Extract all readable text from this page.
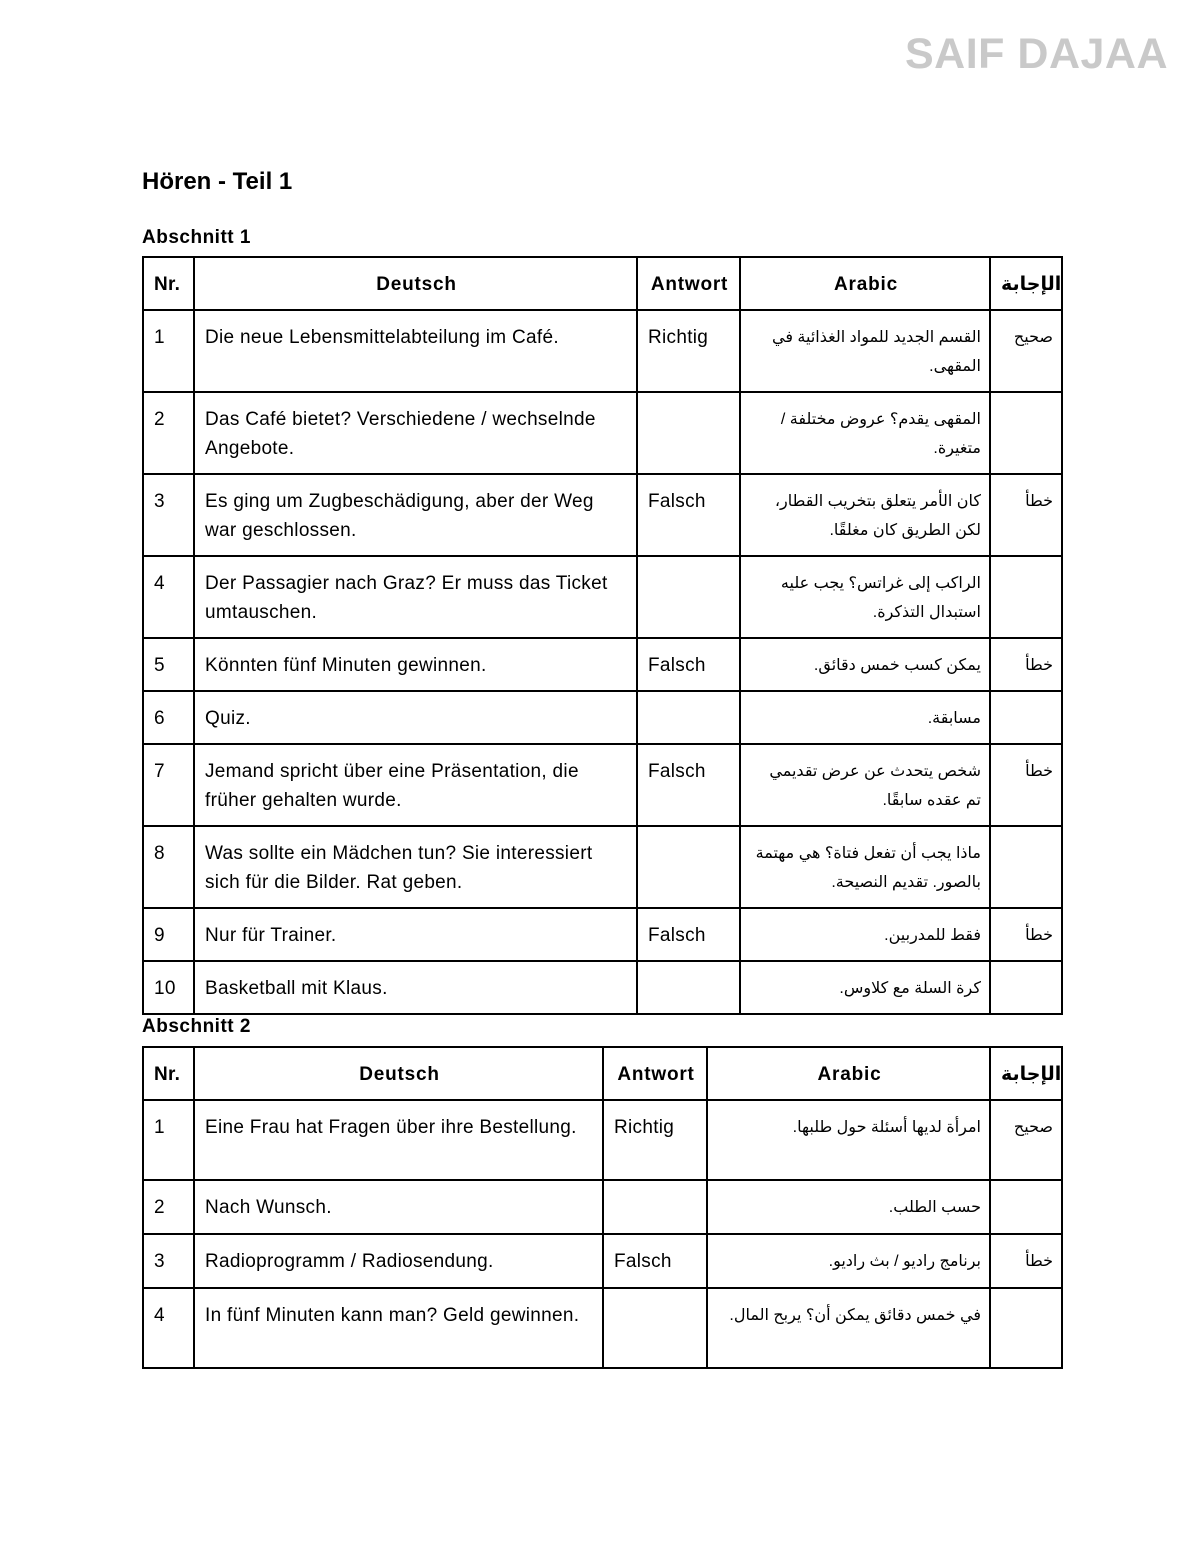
SAIF DAJAA
Hören - Teil 1
Abschnitt 1
Nr.	Deutsch	Antwort	Arabic	الإجابة
1	Die neue Lebensmittelabteilung im Café.	Richtig	القسم الجديد للمواد الغذائية في المقهى.	صحيح
2	Das Café bietet? Verschiedene / wechselnde Angebote.		المقهى يقدم؟ عروض مختلفة / متغيرة.	
3	Es ging um Zugbeschädigung, aber der Weg war geschlossen.	Falsch	كان الأمر يتعلق بتخريب القطار، لكن الطريق كان مغلقًا.	خطأ
4	Der Passagier nach Graz? Er muss das Ticket umtauschen.		الراكب إلى غراتس؟ يجب عليه استبدال التذكرة.	
5	Könnten fünf Minuten gewinnen.	Falsch	يمكن كسب خمس دقائق.	خطأ
6	Quiz.		مسابقة.	
7	Jemand spricht über eine Präsentation, die früher gehalten wurde.	Falsch	شخص يتحدث عن عرض تقديمي تم عقده سابقًا.	خطأ
8	Was sollte ein Mädchen tun? Sie interessiert sich für die Bilder. Rat geben.		ماذا يجب أن تفعل فتاة؟ هي مهتمة بالصور. تقديم النصيحة.	
9	Nur für Trainer.	Falsch	فقط للمدربين.	خطأ
10	Basketball mit Klaus.		كرة السلة مع كلاوس.	
Abschnitt 2
Nr.	Deutsch	Antwort	Arabic	الإجابة
1	Eine Frau hat Fragen über ihre Bestellung.	Richtig	امرأة لديها أسئلة حول طلبها.	صحيح
2	Nach Wunsch.		حسب الطلب.	
3	Radioprogramm / Radiosendung.	Falsch	برنامج راديو / بث راديو.	خطأ
4	In fünf Minuten kann man? Geld gewinnen.		في خمس دقائق يمكن أن؟ يربح المال.	
